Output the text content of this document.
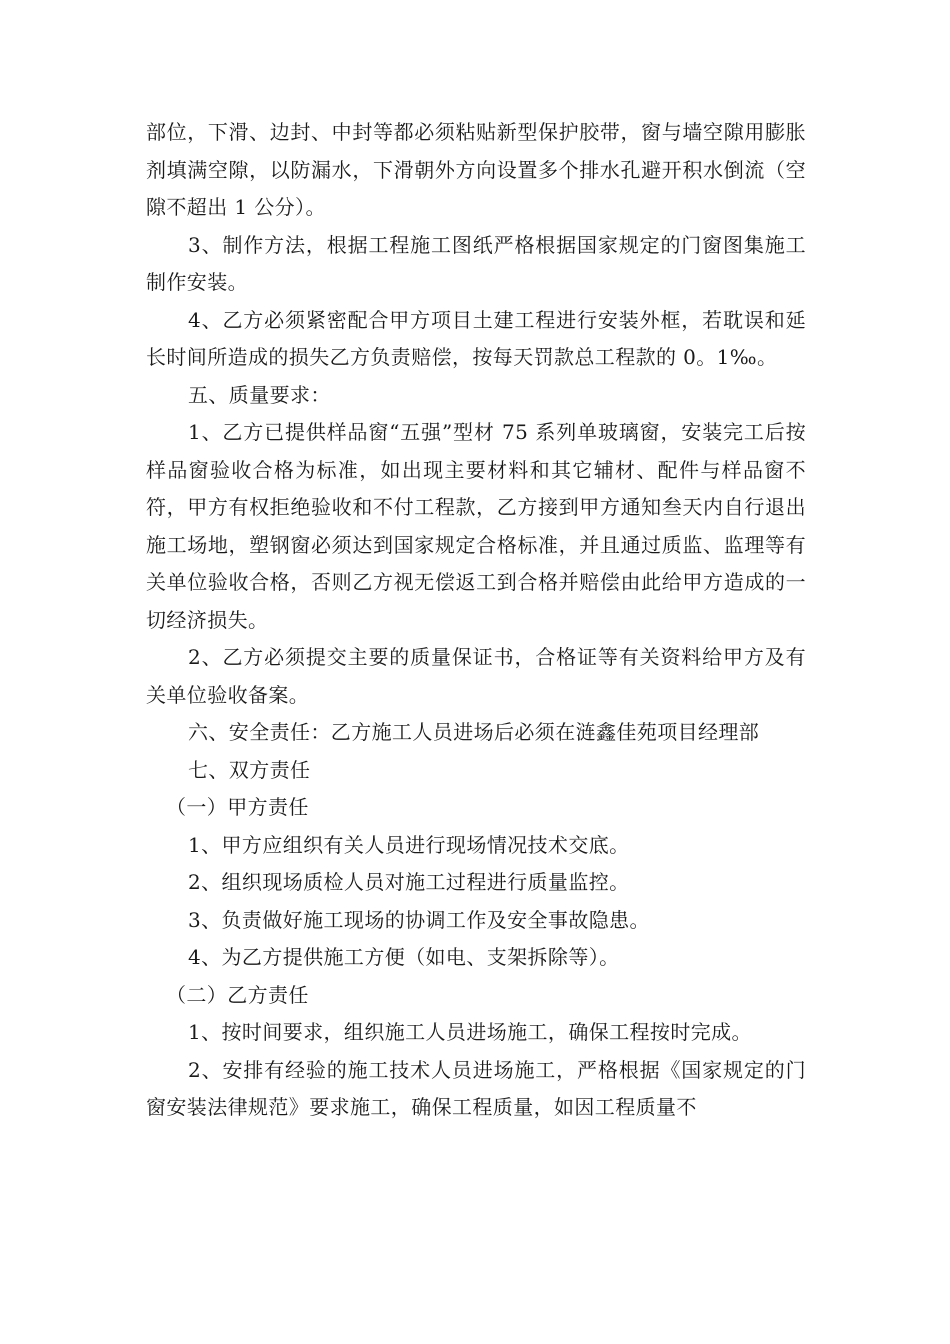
部位，下滑、边封、中封等都必须粘贴新型保护胶带，窗与墙空隙用膨胀剂填满空隙，以防漏水，下滑朝外方向设置多个排水孔避开积水倒流（空隙不超出 1 公分）。

3、制作方法，根据工程施工图纸严格根据国家规定的门窗图集施工制作安装。

4、乙方必须紧密配合甲方项目土建工程进行安装外框，若耽误和延长时间所造成的损失乙方负责赔偿，按每天罚款总工程款的 0。1‰。

五、质量要求：

1、乙方已提供样品窗“五强”型材 75 系列单玻璃窗，安装完工后按样品窗验收合格为标准，如出现主要材料和其它辅材、配件与样品窗不符，甲方有权拒绝验收和不付工程款，乙方接到甲方通知叁天内自行退出施工场地，塑钢窗必须达到国家规定合格标准，并且通过质监、监理等有关单位验收合格，否则乙方视无偿返工到合格并赔偿由此给甲方造成的一切经济损失。

2、乙方必须提交主要的质量保证书，合格证等有关资料给甲方及有关单位验收备案。

六、安全责任：乙方施工人员进场后必须在涟鑫佳苑项目经理部

七、双方责任

（一）甲方责任

1、甲方应组织有关人员进行现场情况技术交底。

2、组织现场质检人员对施工过程进行质量监控。

3、负责做好施工现场的协调工作及安全事故隐患。

4、为乙方提供施工方便（如电、支架拆除等）。

（二）乙方责任

1、按时间要求，组织施工人员进场施工，确保工程按时完成。

2、安排有经验的施工技术人员进场施工，严格根据《国家规定的门窗安装法律规范》要求施工，确保工程质量，如因工程质量不
